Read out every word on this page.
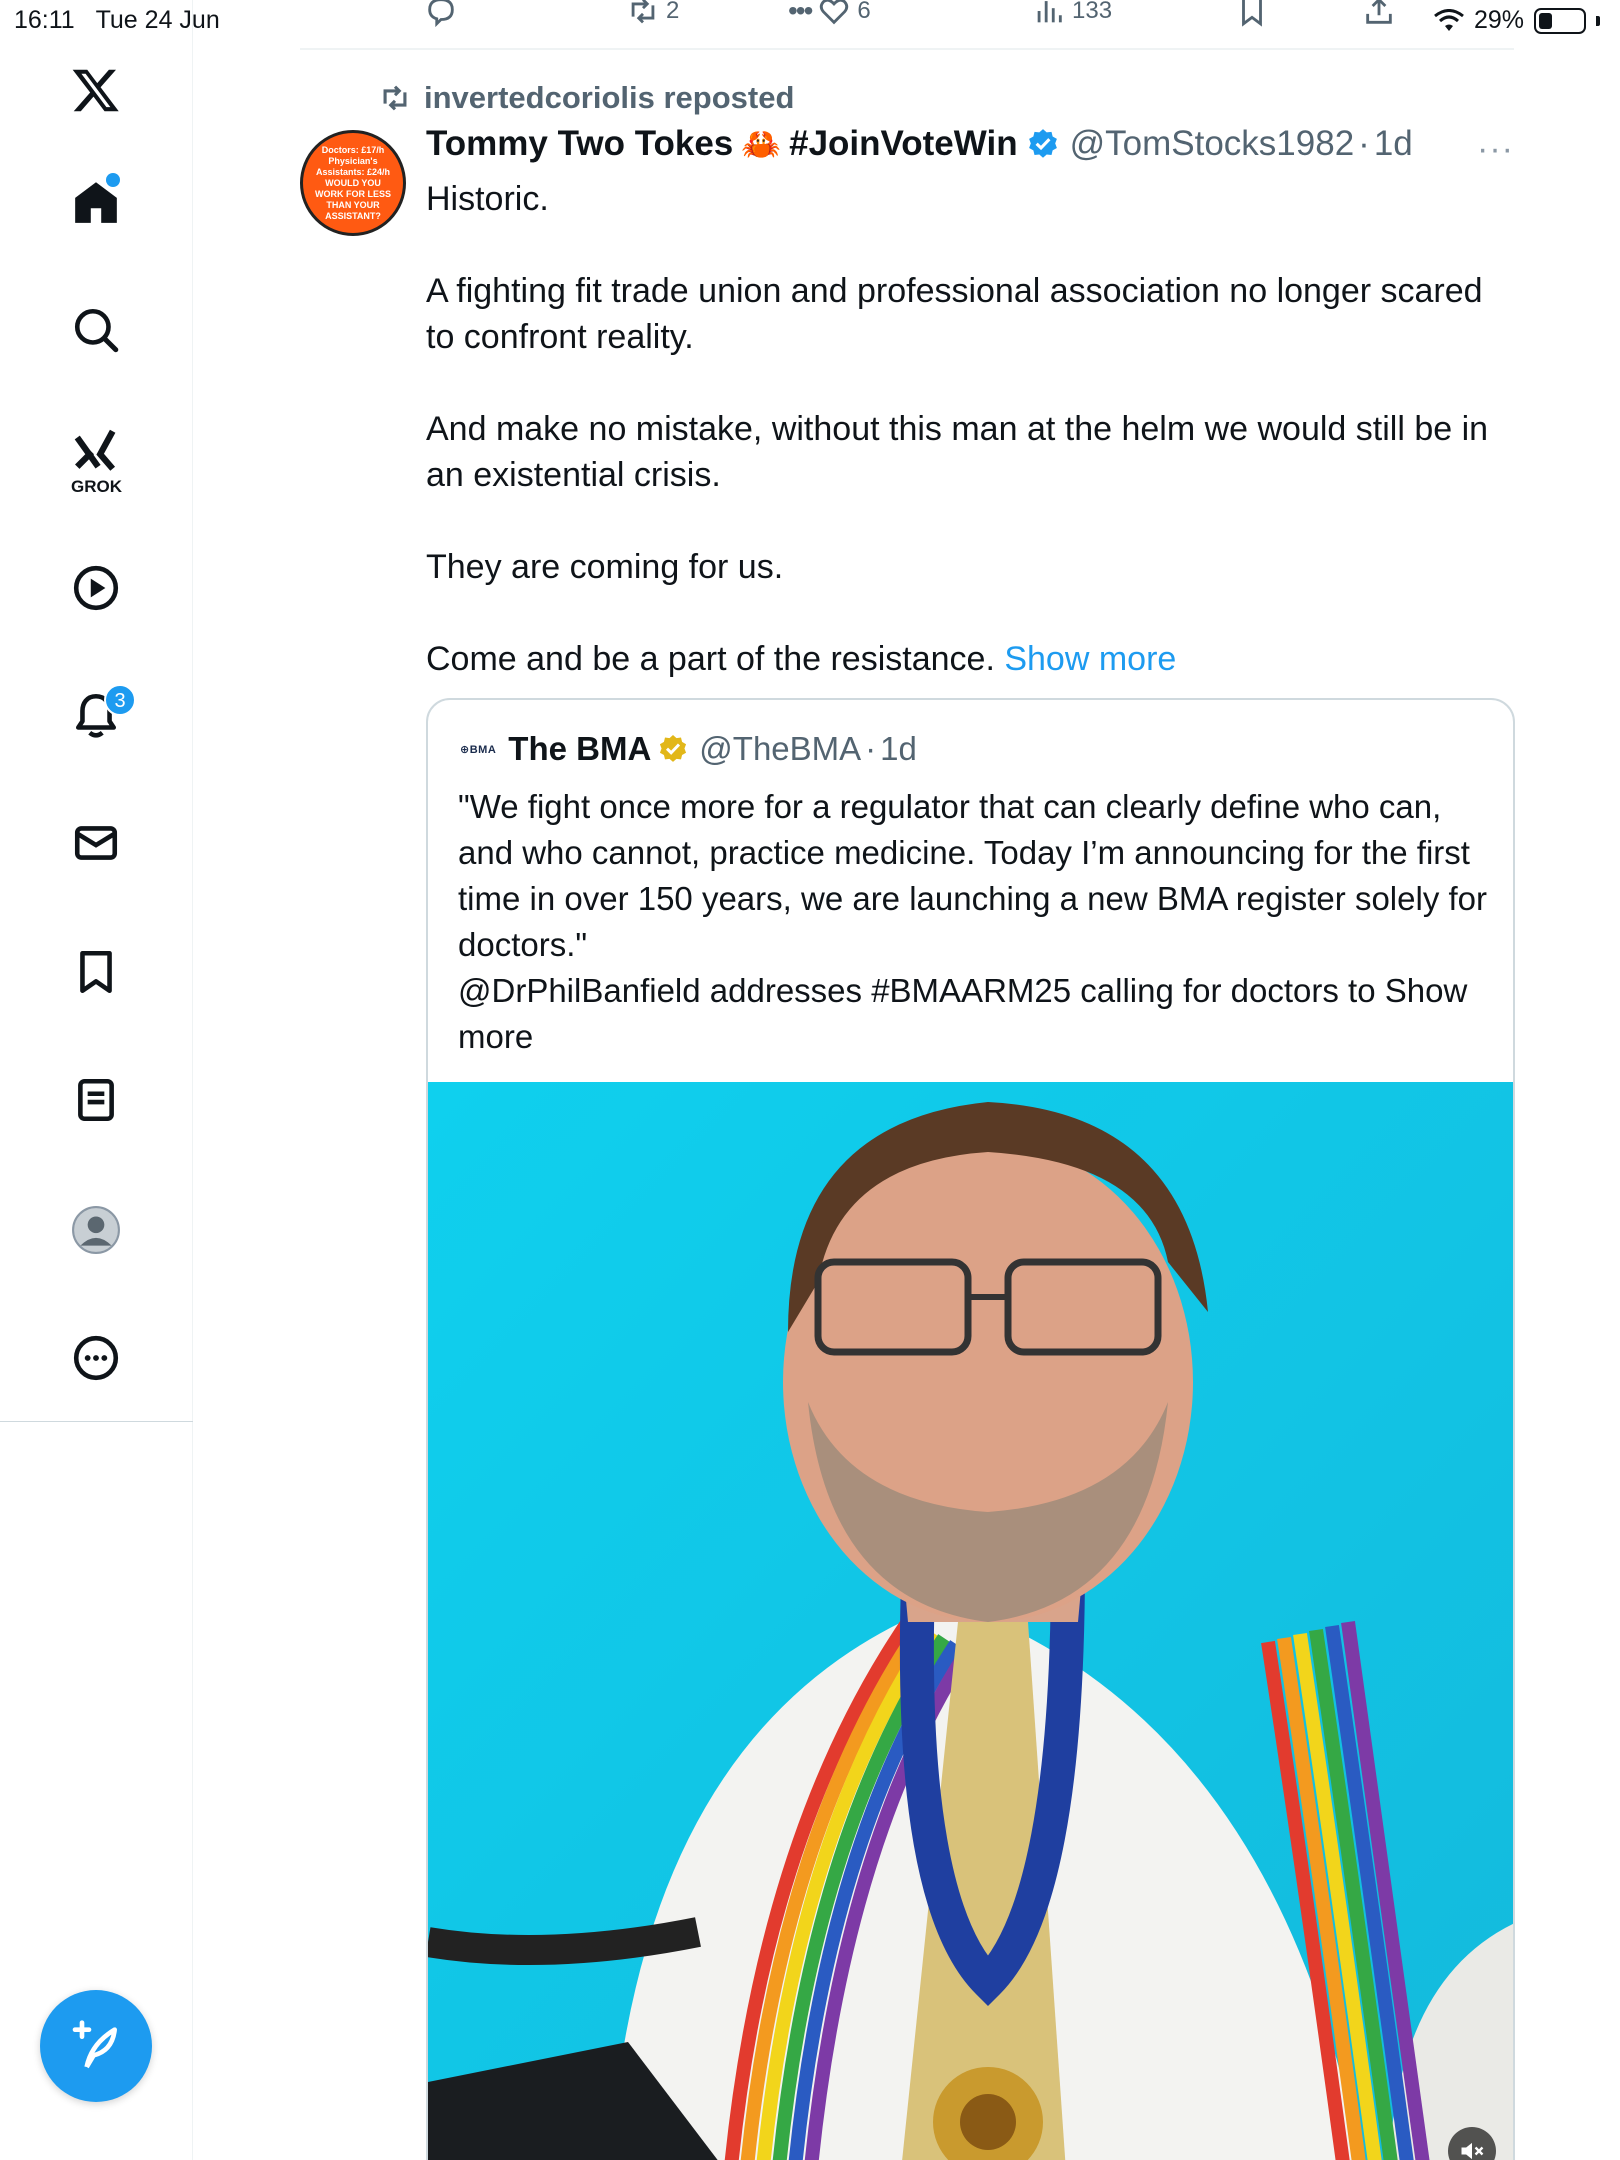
16:11 Tue 24 Jun	29%
GROK
3
2	••• 6	133
invertedcoriolis reposted
Doctors: £17/h Physician's Assistants: £24/h WOULD YOU WORK FOR LESS THAN YOUR ASSISTANT?
Tommy Two Tokes 🦀 #JoinVoteWin @TomStocks1982 · 1d ···

Historic.

A fighting fit trade union and professional association no longer scared to confront reality.

And make no mistake, without this man at the helm we would still be in an existential crisis.

They are coming for us.

Come and be a part of the resistance. Show more

⊕BMA The BMA @TheBMA · 1d

"We fight once more for a regulator that can clearly define who can, and who cannot, practice medicine. Today I’m announcing for the first time in over 150 years, we are launching a new BMA register solely for doctors."

@DrPhilBanfield addresses #BMAARM25 calling for doctors to Show more
